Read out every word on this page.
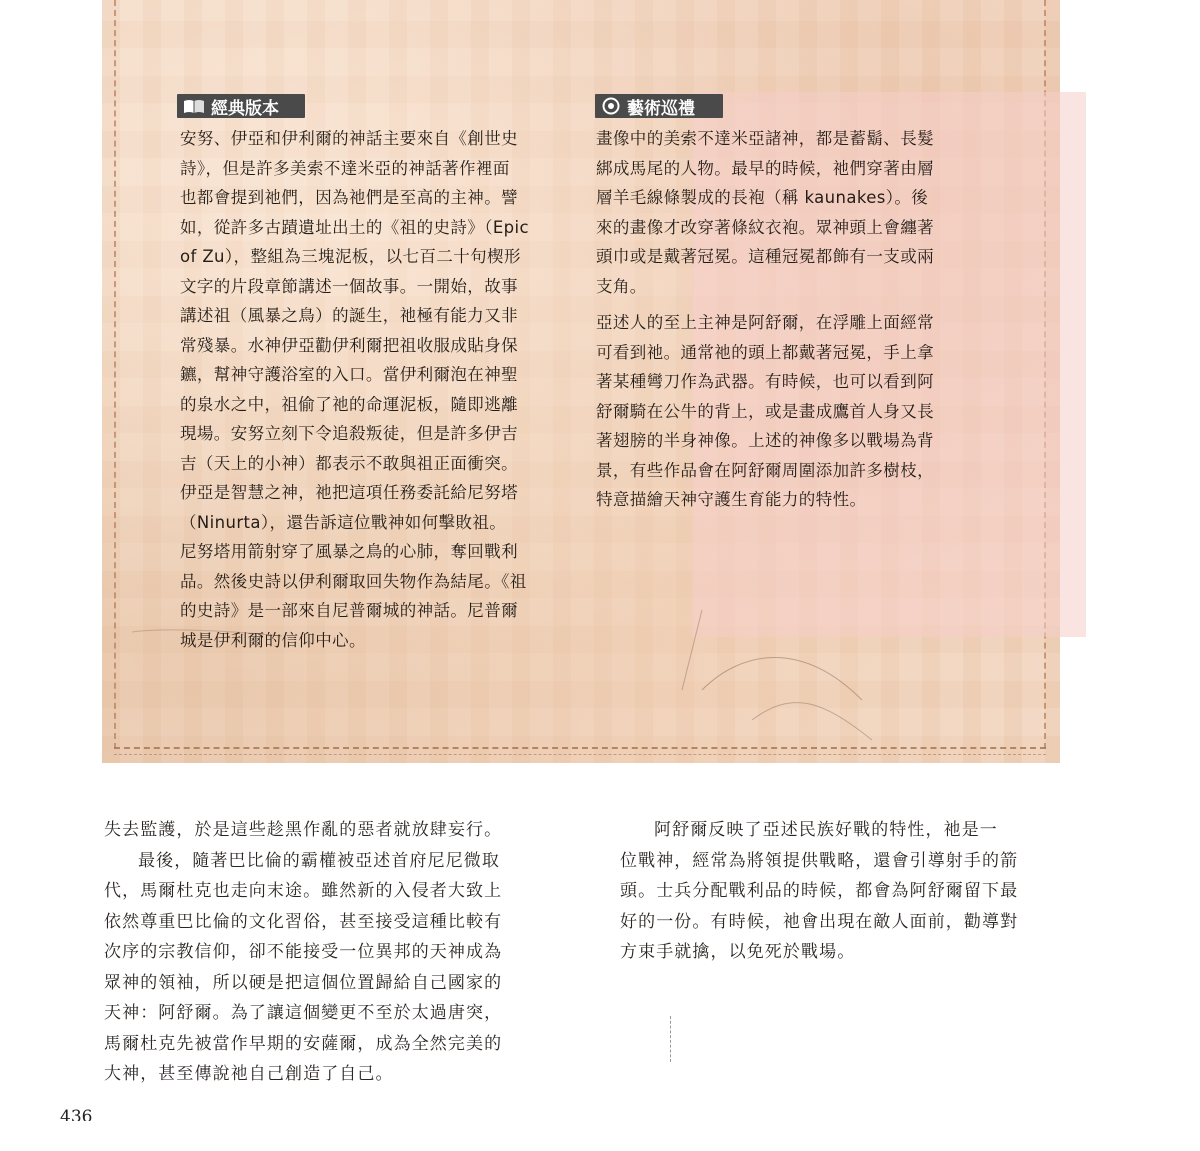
經典版本
安努、伊亞和伊利爾的神話主要來自《創世史
詩》，但是許多美索不達米亞的神話著作裡面
也都會提到祂們，因為祂們是至高的主神。譬
如，從許多古蹟遺址出土的《祖的史詩》（Epic
of Zu），整組為三塊泥板，以七百二十句楔形
文字的片段章節講述一個故事。一開始，故事
講述祖（風暴之鳥）的誕生，祂極有能力又非
常殘暴。水神伊亞勸伊利爾把祖收服成貼身保
鑣，幫神守護浴室的入口。當伊利爾泡在神聖
的泉水之中，祖偷了祂的命運泥板，隨即逃離
現場。安努立刻下令追殺叛徒，但是許多伊吉
吉（天上的小神）都表示不敢與祖正面衝突。
伊亞是智慧之神，祂把這項任務委託給尼努塔
（Ninurta），還告訴這位戰神如何擊敗祖。
尼努塔用箭射穿了風暴之鳥的心肺，奪回戰利
品。然後史詩以伊利爾取回失物作為結尾。《祖
的史詩》是一部來自尼普爾城的神話。尼普爾
城是伊利爾的信仰中心。
藝術巡禮
畫像中的美索不達米亞諸神，都是蓄鬍、長髮
綁成馬尾的人物。最早的時候，祂們穿著由層
層羊毛線條製成的長袍（稱 kaunakes）。後
來的畫像才改穿著條紋衣袍。眾神頭上會纏著
頭巾或是戴著冠冕。這種冠冕都飾有一支或兩
支角。
亞述人的至上主神是阿舒爾，在浮雕上面經常
可看到祂。通常祂的頭上都戴著冠冕，手上拿
著某種彎刀作為武器。有時候，也可以看到阿
舒爾騎在公牛的背上，或是畫成鷹首人身又長
著翅膀的半身神像。上述的神像多以戰場為背
景，有些作品會在阿舒爾周圍添加許多樹枝，
特意描繪天神守護生育能力的特性。

失去監護，於是這些趁黑作亂的惡者就放肆妄行。

最後，隨著巴比倫的霸權被亞述首府尼尼微取
代，馬爾杜克也走向末途。雖然新的入侵者大致上
依然尊重巴比倫的文化習俗，甚至接受這種比較有
次序的宗教信仰，卻不能接受一位異邦的天神成為
眾神的領袖，所以硬是把這個位置歸給自己國家的
天神：阿舒爾。為了讓這個變更不至於太過唐突，
馬爾杜克先被當作早期的安薩爾，成為全然完美的
大神，甚至傳說祂自己創造了自己。
阿舒爾反映了亞述民族好戰的特性，祂是一
位戰神，經常為將領提供戰略，還會引導射手的箭
頭。士兵分配戰利品的時候，都會為阿舒爾留下最
好的一份。有時候，祂會出現在敵人面前，勸導對
方束手就擒，以免死於戰場。
436
